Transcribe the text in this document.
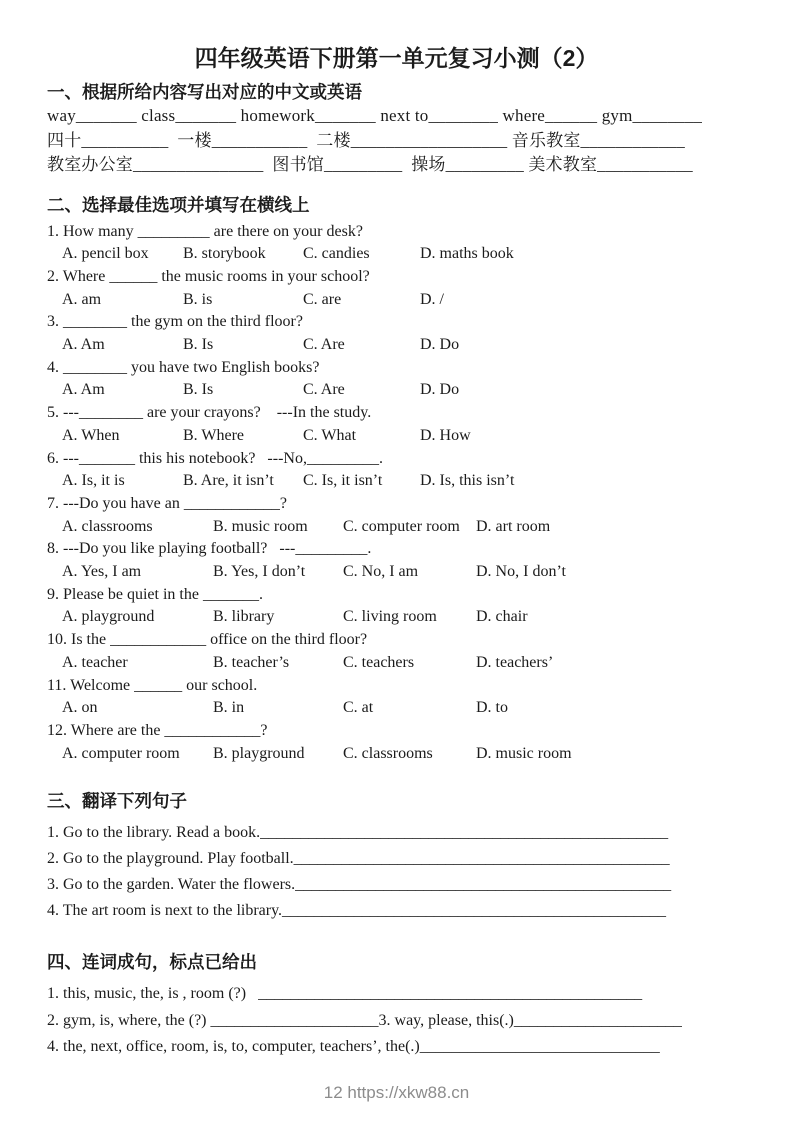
四年级英语下册第一单元复习小测（2）
一、根据所给内容写出对应的中文或英语
way_______ class_______ homework_______ next to________ where______ gym________
四十__________  一楼___________  二楼__________________ 音乐教室____________
教室办公室_______________  图书馆_________  操场_________ 美术教室___________
二、选择最佳选项并填写在横线上
1. How many _________ are there on your desk?
A. pencil box B. storybook C. candies	D. maths book
2. Where ______ the music rooms in your school?
A. am	B. is	C. are	D. /
3. ________ the gym on the third floor?
A. Am	B. Is	C. Are	D. Do
4. ________ you have two English books?
A. Am	B. Is	C. Are	D. Do
5. ---________ are your crayons?    ---In the study.
A. When	B. Where	C. What	D. How
6. ---_______ this his notebook?   ---No,_________.
A. Is, it is	B. Are, it isn’t C. Is, it isn’t D. Is, this isn’t
7. ---Do you have an ____________?
A. classrooms	B. music room C. computer room D. art room
8. ---Do you like playing football?   ---_________.
A. Yes, I am	B. Yes, I don’t C. No, I am	D. No, I don’t
9. Please be quiet in the _______.
A. playground	B. library	C. living room D. chair
10. Is the ____________ office on the third floor?
A. teacher	B. teacher’s	C. teachers	D. teachers’
11. Welcome ______ our school.
A. on	B. in	C. at	D. to
12. Where are the ____________?
A. computer room B. playground C. classrooms	D. music room
三、翻译下列句子
1. Go to the library. Read a book.___________________________________________________
2. Go to the playground. Play football._______________________________________________
3. Go to the garden. Water the flowers._______________________________________________
4. The art room is next to the library.________________________________________________
四、连词成句，标点已给出
1. this, music, the, is , room (?)   ________________________________________________
2. gym, is, where, the (?) _____________________3. way, please, this(.)_____________________
4. the, next, office, room, is, to, computer, teachers’, the(.)______________________________
12 https://xkw88.cn
